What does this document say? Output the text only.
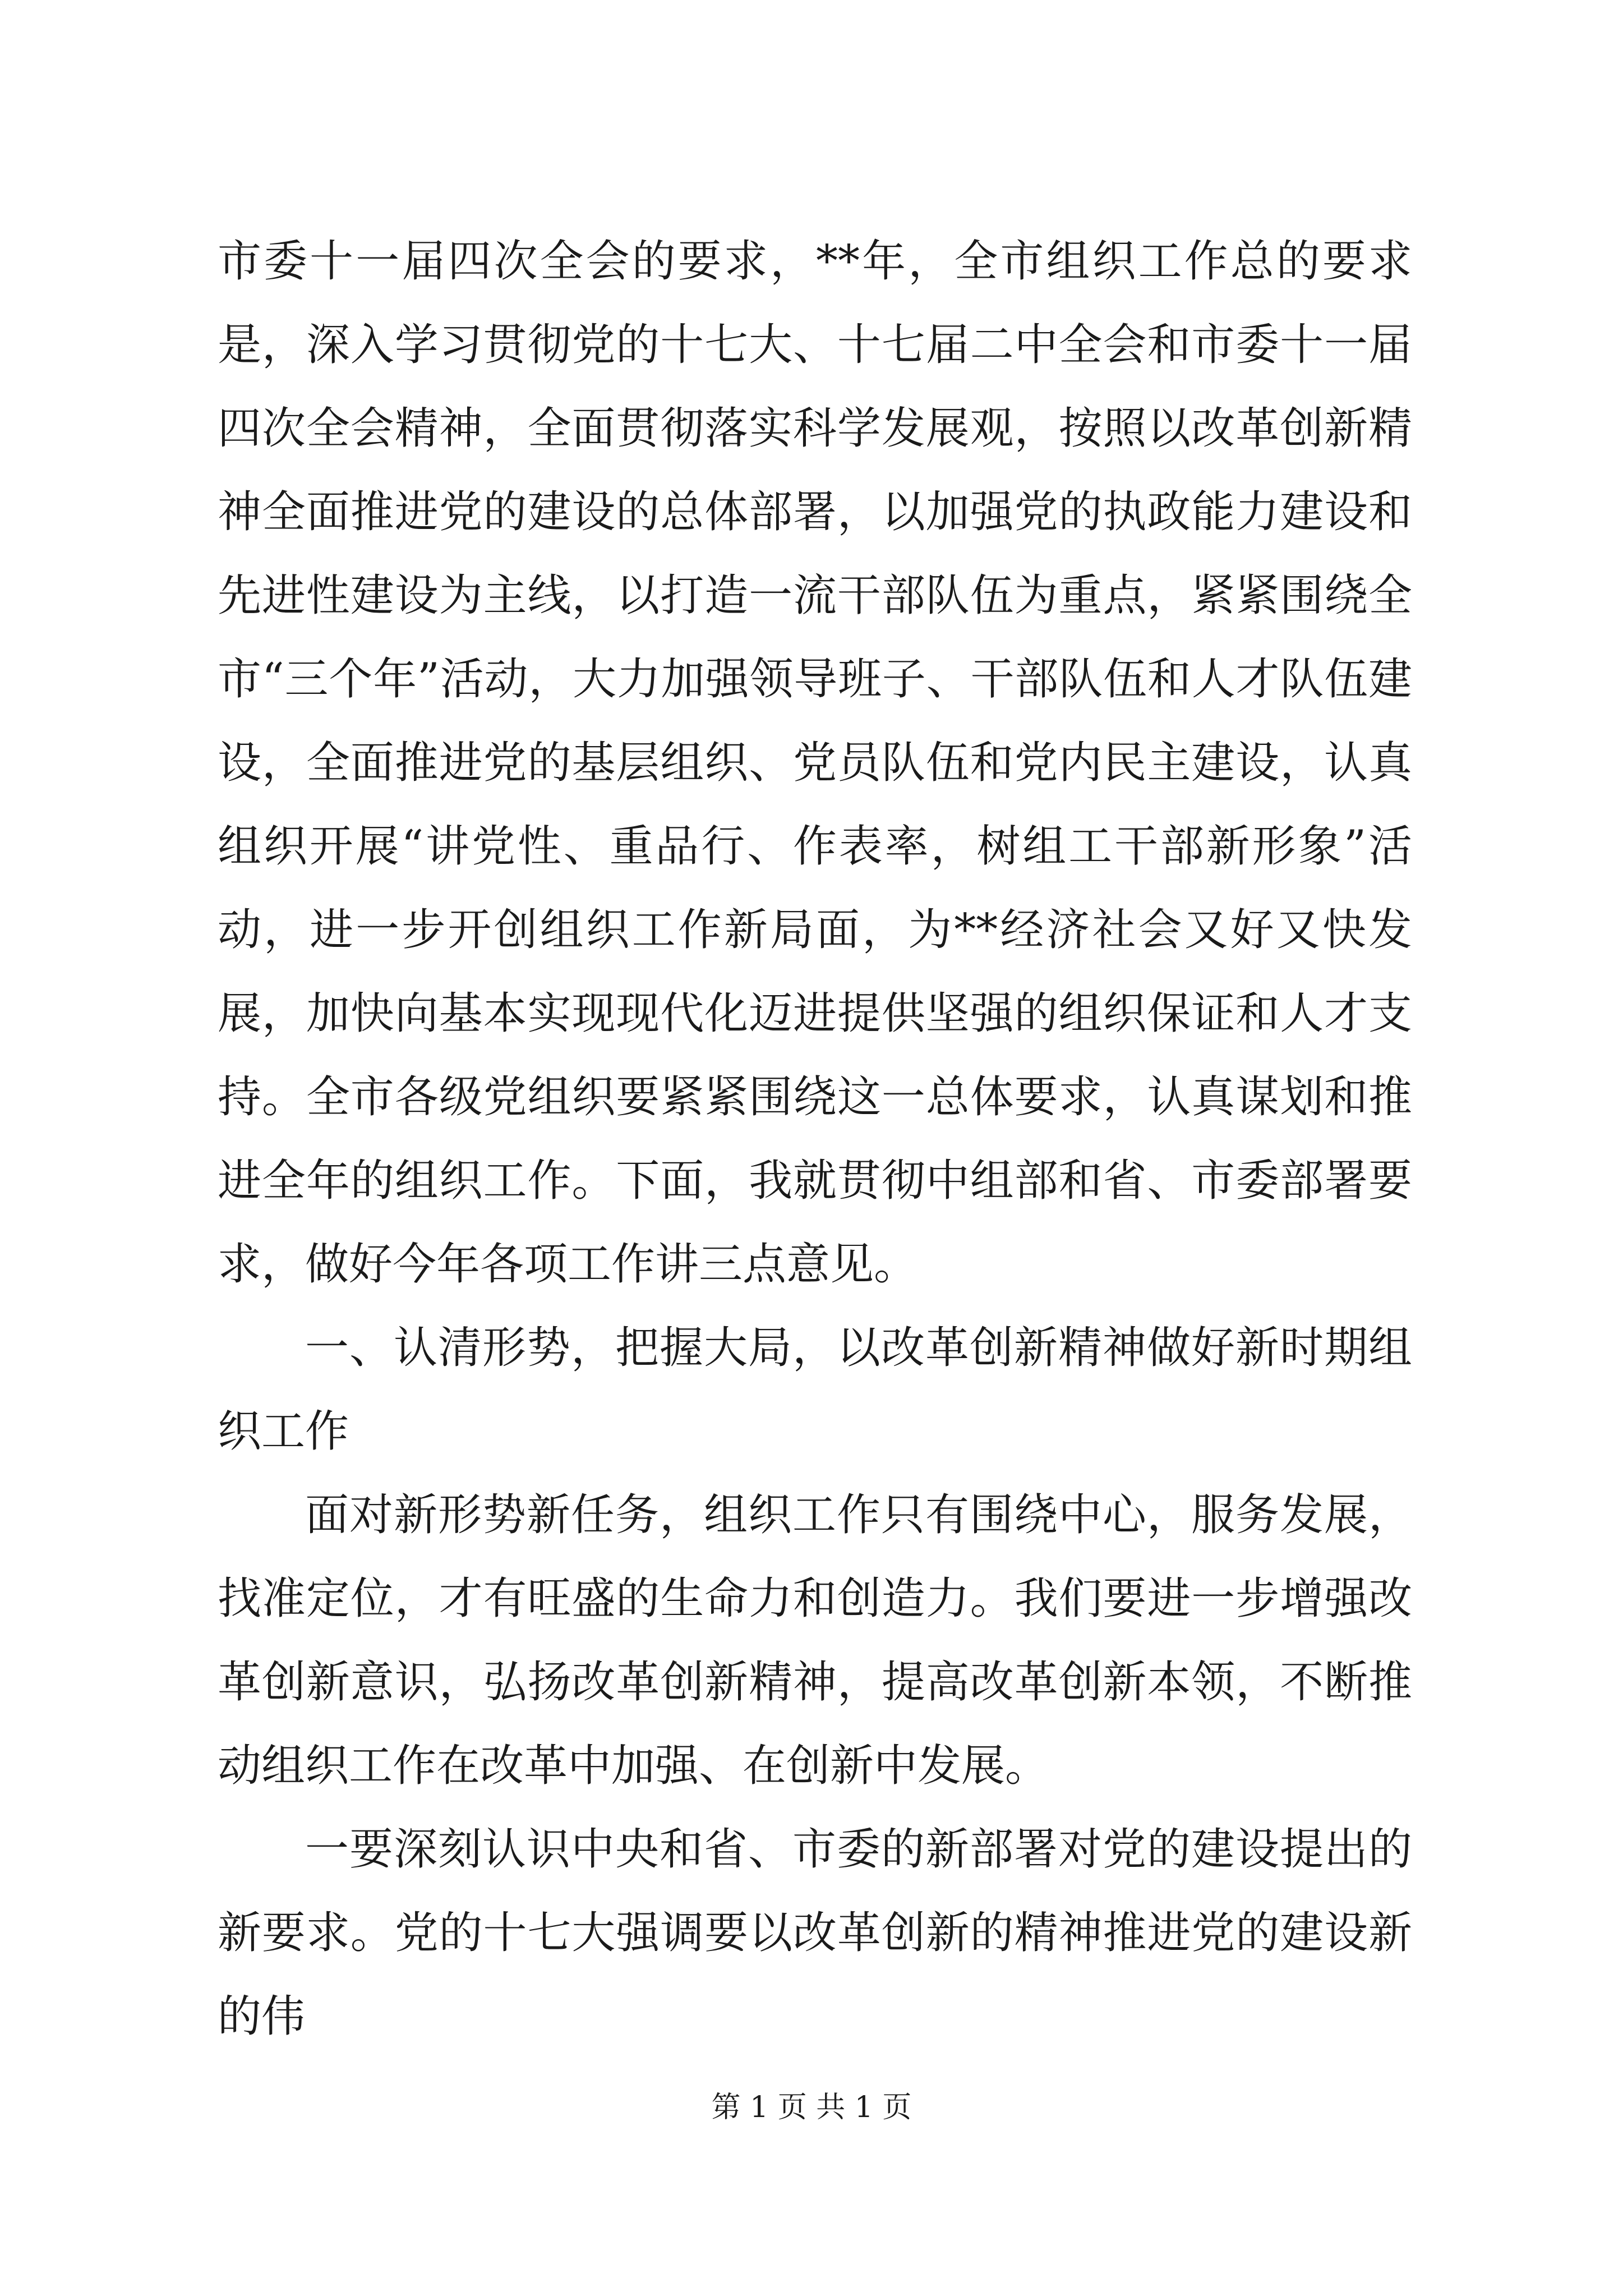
市委十一届四次全会的要求，**年，全市组织工作总的要求是，深入学习贯彻党的十七大、十七届二中全会和市委十一届四次全会精神，全面贯彻落实科学发展观，按照以改革创新精神全面推进党的建设的总体部署，以加强党的执政能力建设和先进性建设为主线，以打造一流干部队伍为重点，紧紧围绕全市“三个年”活动，大力加强领导班子、干部队伍和人才队伍建设，全面推进党的基层组织、党员队伍和党内民主建设，认真组织开展“讲党性、重品行、作表率，树组工干部新形象”活动，进一步开创组织工作新局面，为**经济社会又好又快发展，加快向基本实现现代化迈进提供坚强的组织保证和人才支持。全市各级党组织要紧紧围绕这一总体要求，认真谋划和推进全年的组织工作。下面，我就贯彻中组部和省、市委部署要求，做好今年各项工作讲三点意见。

一、认清形势，把握大局，以改革创新精神做好新时期组织工作

面对新形势新任务，组织工作只有围绕中心，服务发展，找准定位，才有旺盛的生命力和创造力。我们要进一步增强改革创新意识，弘扬改革创新精神，提高改革创新本领，不断推动组织工作在改革中加强、在创新中发展。

一要深刻认识中央和省、市委的新部署对党的建设提出的新要求。党的十七大强调要以改革创新的精神推进党的建设新的伟

第 1 页 共 1 页
